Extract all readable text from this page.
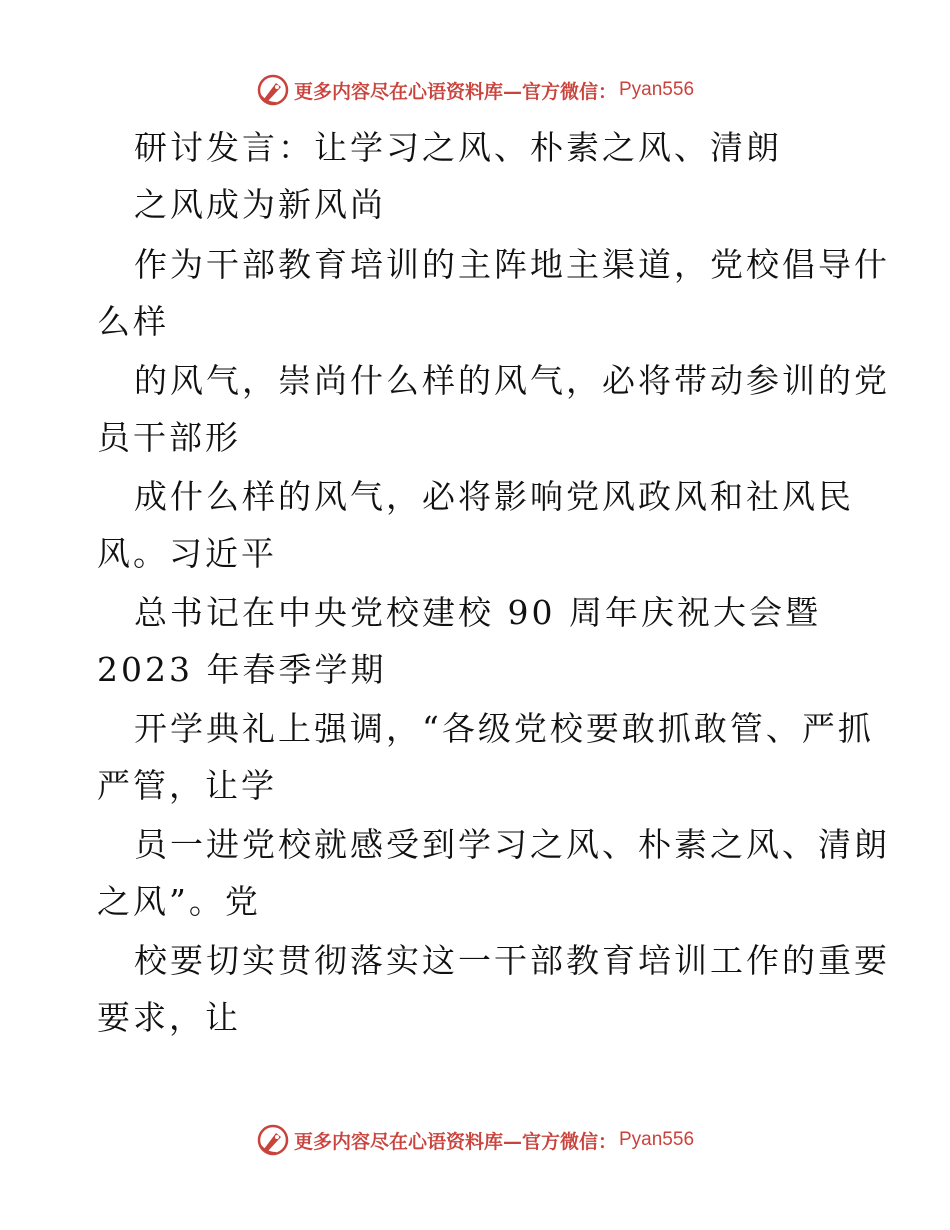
更多内容尽在心语资料库—官方微信： Pyan556
研讨发言：让学习之风、朴素之风、清朗
之风成为新风尚
作为干部教育培训的主阵地主渠道，党校倡导什
么样
的风气，崇尚什么样的风气，必将带动参训的党
员干部形
成什么样的风气，必将影响党风政风和社风民
风。习近平
总书记在中央党校建校 90 周年庆祝大会暨
2023 年春季学期
开学典礼上强调，“各级党校要敢抓敢管、严抓
严管，让学
员一进党校就感受到学习之风、朴素之风、清朗
之风”。党
校要切实贯彻落实这一干部教育培训工作的重要
要求，让
更多内容尽在心语资料库—官方微信： Pyan556
